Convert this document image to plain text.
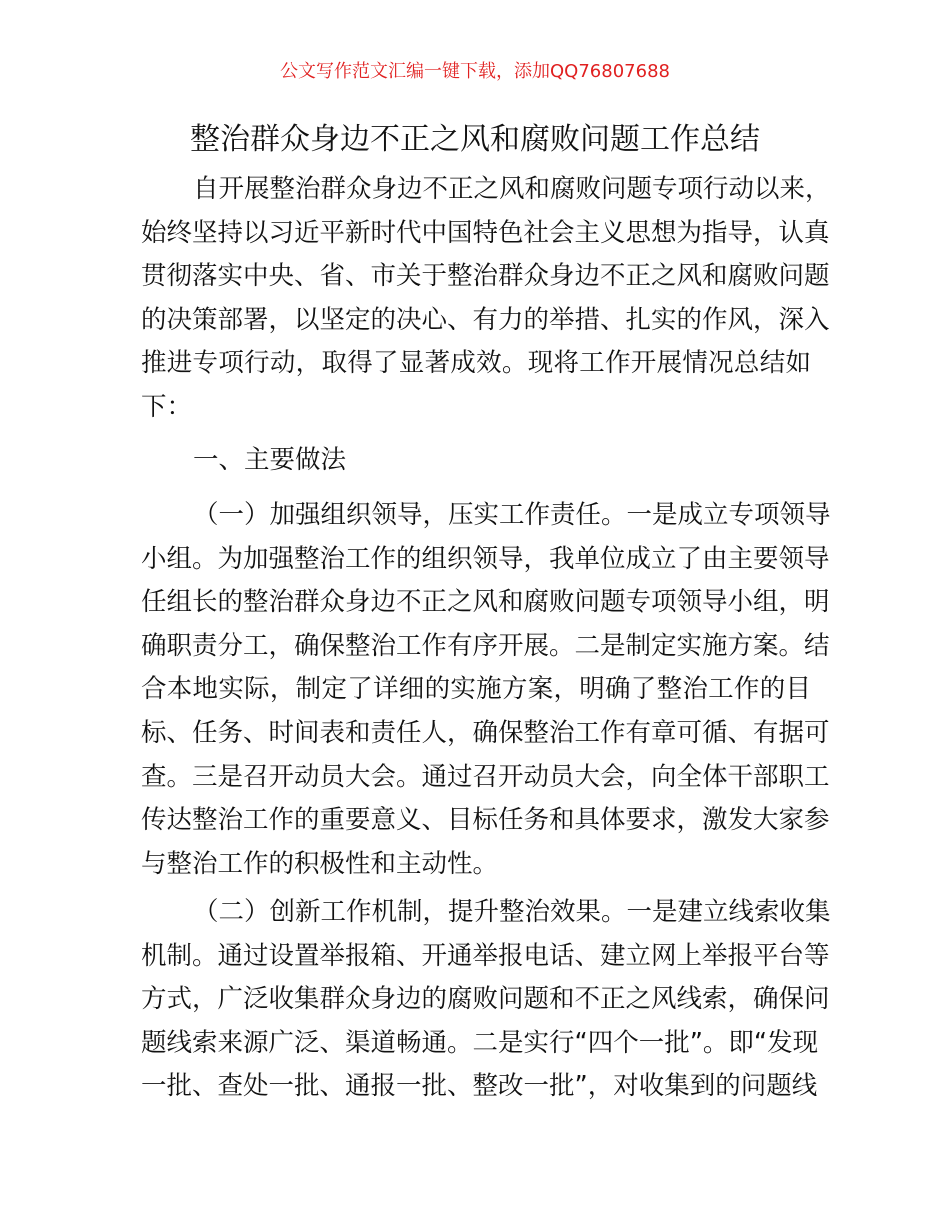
公文写作范文汇编一键下载，添加QQ76807688
整治群众身边不正之风和腐败问题工作总结
自开展整治群众身边不正之风和腐败问题专项行动以来，
始终坚持以习近平新时代中国特色社会主义思想为指导，认真
贯彻落实中央、省、市关于整治群众身边不正之风和腐败问题
的决策部署，以坚定的决心、有力的举措、扎实的作风，深入
推进专项行动，取得了显著成效。现将工作开展情况总结如
下：
一、主要做法
（一）加强组织领导，压实工作责任。一是成立专项领导
小组。为加强整治工作的组织领导，我单位成立了由主要领导
任组长的整治群众身边不正之风和腐败问题专项领导小组，明
确职责分工，确保整治工作有序开展。二是制定实施方案。结
合本地实际，制定了详细的实施方案，明确了整治工作的目
标、任务、时间表和责任人，确保整治工作有章可循、有据可
查。三是召开动员大会。通过召开动员大会，向全体干部职工
传达整治工作的重要意义、目标任务和具体要求，激发大家参
与整治工作的积极性和主动性。
（二）创新工作机制，提升整治效果。一是建立线索收集
机制。通过设置举报箱、开通举报电话、建立网上举报平台等
方式，广泛收集群众身边的腐败问题和不正之风线索，确保问
题线索来源广泛、渠道畅通。二是实行“四个一批”。即“发现
一批、查处一批、通报一批、整改一批”，对收集到的问题线
